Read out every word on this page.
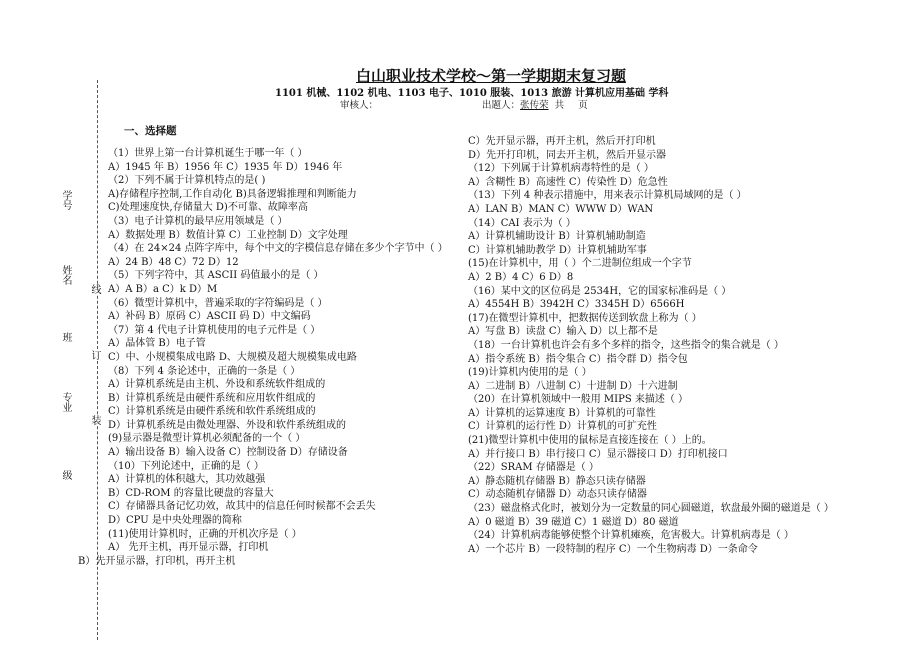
白山职业技术学校～第一学期期末复习题
1101 机械、1102 机电、1103 电子、1010 服装、1013 旅游 计算机应用基础 学科
审核人：	出题人：张传荣 共 页
学号
姓名
班
专业
级
线
订
装
一、选择题
（1）世界上第一台计算机诞生于哪一年（ ）
A）1945 年 B）1956 年 C）1935 年 D）1946 年
（2）下列不属于计算机特点的是( )
A)存储程序控制,工作自动化 B)具备逻辑推理和判断能力
C)处理速度快,存储量大 D)不可靠、故障率高
（3）电子计算机的最早应用领域是（ ）
A）数据处理 B）数值计算 C）工业控制 D）文字处理
（4）在 24×24 点阵字库中，每个中文的字模信息存储在多少个字节中（ ）
A）24 B）48 C）72 D）12
（5）下列字符中，其 ASCII 码值最小的是（ ）
A）A B）a C）k D）M
（6）微型计算机中，普遍采取的字符编码是（ ）
A）补码 B）原码 C）ASCII 码 D）中文编码
（7）第 4 代电子计算机使用的电子元件是（ ）
A）晶体管 B）电子管
C）中、小规模集成电路 D、大规模及超大规模集成电路
（8）下列 4 条论述中，正确的一条是（ ）
A）计算机系统是由主机、外设和系统软件组成的
B）计算机系统是由硬件系统和应用软件组成的
C）计算机系统是由硬件系统和软件系统组成的
D）计算机系统是由微处理器、外设和软件系统组成的
(9)显示器是微型计算机必须配备的一个（ ）
A）输出设备 B）输入设备 C）控制设备 D）存储设备
（10）下列论述中，正确的是（ ）
A）计算机的体积越大，其功效越强
B）CD-ROM 的容量比硬盘的容量大
C）存储器具备记忆功效，故其中的信息任何时候都不会丢失
D）CPU 是中央处理器的简称
(11)使用计算机时，正确的开机次序是（ ）
A） 先开主机，再开显示器，打印机
B）先开显示器，打印机，再开主机
C）先开显示器，再开主机，然后开打印机
D）先开打印机，同去开主机，然后开显示器
（12）下列属于计算机病毒特性的是（ ）
A）含糊性 B）高速性 C）传染性 D）危急性
（13）下列 4 种表示措施中，用来表示计算机局域网的是（ ）
A）LAN B）MAN C）WWW D）WAN
（14）CAI 表示为（ ）
A）计算机辅助设计 B）计算机辅助制造
C）计算机辅助教学 D）计算机辅助军事
(15)在计算机中，用（ ）个二进制位组成一个字节
A）2 B）4 C）6 D）8
（16）某中文的区位码是 2534H，它的国家标准码是（ ）
A）4554H B）3942H C）3345H D）6566H
(17)在微型计算机中，把数据传送到软盘上称为（ ）
A）写盘 B）读盘 C）输入 D）以上都不是
（18）一台计算机也许会有多个多样的指令，这些指令的集合就是（ ）
A）指令系统 B）指令集合 C）指令群 D）指令包
(19)计算机内使用的是（ ）
A）二进制 B）八进制 C）十进制 D）十六进制
（20）在计算机领域中一般用 MIPS 来描述（ ）
A）计算机的运算速度 B）计算机的可靠性
C）计算机的运行性 D）计算机的可扩充性
(21)微型计算机中使用的鼠标是直接连接在（ ）上的。
A）并行接口 B）串行接口 C）显示器接口 D）打印机接口
（22）SRAM 存储器是（ ）
A）静态随机存储器 B）静态只读存储器
C）动态随机存储器 D）动态只读存储器
（23）磁盘格式化时，被划分为一定数量的同心圆磁道，软盘最外圈的磁道是（ ）
A）0 磁道 B）39 磁道 C）1 磁道 D）80 磁道
（24）计算机病毒能够使整个计算机瘫痪，危害极大。计算机病毒是（ ）
A）一个芯片 B）一段特制的程序 C）一个生物病毒 D）一条命令
